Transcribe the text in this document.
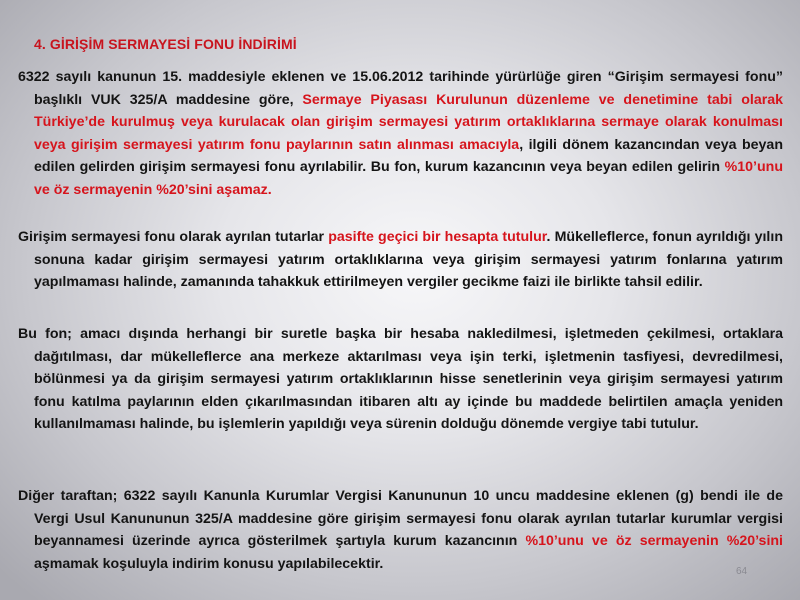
4. GİRİŞİM SERMAYESİ FONU İNDİRİMİ
6322 sayılı kanunun 15. maddesiyle eklenen ve 15.06.2012 tarihinde yürürlüğe giren “Girişim sermayesi fonu” başlıklı VUK 325/A maddesine göre, Sermaye Piyasası Kurulunun düzenleme ve denetimine tabi olarak Türkiye’de kurulmuş veya kurulacak olan girişim sermayesi yatırım ortaklıklarına sermaye olarak konulması veya girişim sermayesi yatırım fonu paylarının satın alınması amacıyla, ilgili dönem kazancından veya beyan edilen gelirden girişim sermayesi fonu ayrılabilir. Bu fon, kurum kazancının veya beyan edilen gelirin %10’unu ve öz sermayenin %20’sini aşamaz.
Girişim sermayesi fonu olarak ayrılan tutarlar pasifte geçici bir hesapta tutulur. Mükelleflerce, fonun ayrıldığı yılın sonuna kadar girişim sermayesi yatırım ortaklıklarına veya girişim sermayesi yatırım fonlarına yatırım yapılmaması halinde, zamanında tahakkuk ettirilmeyen vergiler gecikme faizi ile birlikte tahsil edilir.
Bu fon; amacı dışında herhangi bir suretle başka bir hesaba nakledilmesi, işletmeden çekilmesi, ortaklara dağıtılması, dar mükelleflerce ana merkeze aktarılması veya işin terki, işletmenin tasfiyesi, devredilmesi, bölünmesi ya da girişim sermayesi yatırım ortaklıklarının hisse senetlerinin veya girişim sermayesi yatırım fonu katılma paylarının elden çıkarılmasından itibaren altı ay içinde bu maddede belirtilen amaçla yeniden kullanılmaması halinde, bu işlemlerin yapıldığı veya sürenin dolduğu dönemde vergiye tabi tutulur.
Diğer taraftan; 6322 sayılı Kanunla Kurumlar Vergisi Kanununun 10 uncu maddesine eklenen (g) bendi ile de Vergi Usul Kanununun 325/A maddesine göre girişim sermayesi fonu olarak ayrılan tutarlar kurumlar vergisi beyannamesi üzerinde ayrıca gösterilmek şartıyla kurum kazancının %10’unu ve öz sermayenin %20’sini aşmamak koşuluyla indirim konusu yapılabilecektir.	64
